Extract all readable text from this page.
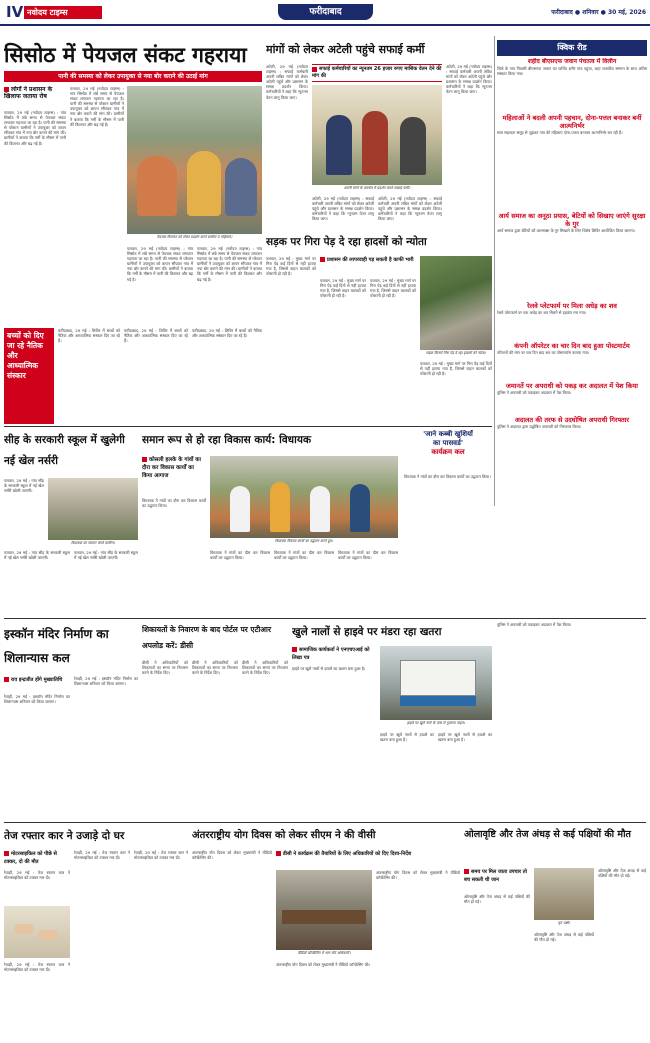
IV नवोदय टाइम्स	फरीदाबाद	फरीदाबाद ● शनिवार ● 30 मई, 2026
सिसोठ में पेयजल संकट गहराया
पानी की समस्या को लेकर उपायुक्त से नया बोर कराने की उठाई मांग
लोगों ने प्रशासन के खिलाफ जताया रोष
पलवल, 29 मई (नवोदय टाइम्स) : गांव सिसोठ में लंबे समय से पेयजल संकट लगातार गहराता जा रहा है। पानी की समस्या से परेशान ग्रामीणों ने उपायुक्त को ज्ञापन सौंपकर गांव में नया बोर कराने की मांग की। ग्रामीणों ने बताया कि गर्मी के मौसम में पानी की किल्लत और बढ़ गई है।
पलवल, 29 मई (नवोदय टाइम्स) : गांव सिसोठ में लंबे समय से पेयजल संकट लगातार गहराता जा रहा है। पानी की समस्या से परेशान ग्रामीणों ने उपायुक्त को ज्ञापन सौंपकर गांव में नया बोर कराने की मांग की। ग्रामीणों ने बताया कि गर्मी के मौसम में पानी की किल्लत और बढ़ गई है।
पेयजल किल्लत को लेकर प्रदर्शन करते ग्रामीण व महिलाएं।
पलवल, 29 मई (नवोदय टाइम्स) : गांव सिसोठ में लंबे समय से पेयजल संकट लगातार गहराता जा रहा है। पानी की समस्या से परेशान ग्रामीणों ने उपायुक्त को ज्ञापन सौंपकर गांव में नया बोर कराने की मांग की। ग्रामीणों ने बताया कि गर्मी के मौसम में पानी की किल्लत और बढ़ गई है।
पलवल, 29 मई (नवोदय टाइम्स) : गांव सिसोठ में लंबे समय से पेयजल संकट लगातार गहराता जा रहा है। पानी की समस्या से परेशान ग्रामीणों ने उपायुक्त को ज्ञापन सौंपकर गांव में नया बोर कराने की मांग की। ग्रामीणों ने बताया कि गर्मी के मौसम में पानी की किल्लत और बढ़ गई है।
बच्चों को दिए जा रहे नैतिक और आध्यात्मिक संस्कार
फरीदाबाद, 29 मई : शिविर में बच्चों को नैतिक और आध्यात्मिक संस्कार दिए जा रहे हैं।
फरीदाबाद, 29 मई : शिविर में बच्चों को नैतिक और आध्यात्मिक संस्कार दिए जा रहे हैं।
फरीदाबाद, 29 मई : शिविर में बच्चों को नैतिक और आध्यात्मिक संस्कार दिए जा रहे हैं।
मांगों को लेकर अटेली पहुंचे सफाई कर्मी
अटेली, 29 मई (नवोदय टाइम्स) : सफाई कर्मचारी अपनी लंबित मांगों को लेकर अटेली पहुंचे और प्रशासन के समक्ष प्रदर्शन किया। कर्मचारियों ने कहा कि न्यूनतम वेतन लागू किया जाए।
सफाई कर्मचारियों का न्यूनतम 26 हजार रुपए मासिक वेतन देने की मांग की
अपनी मांगों के समर्थन में प्रदर्शन करते सफाई कर्मी।
अटेली, 29 मई (नवोदय टाइम्स) : सफाई कर्मचारी अपनी लंबित मांगों को लेकर अटेली पहुंचे और प्रशासन के समक्ष प्रदर्शन किया। कर्मचारियों ने कहा कि न्यूनतम वेतन लागू किया जाए।
अटेली, 29 मई (नवोदय टाइम्स) : सफाई कर्मचारी अपनी लंबित मांगों को लेकर अटेली पहुंचे और प्रशासन के समक्ष प्रदर्शन किया। कर्मचारियों ने कहा कि न्यूनतम वेतन लागू किया जाए।
अटेली, 29 मई (नवोदय टाइम्स) : सफाई कर्मचारी अपनी लंबित मांगों को लेकर अटेली पहुंचे और प्रशासन के समक्ष प्रदर्शन किया। कर्मचारियों ने कहा कि न्यूनतम वेतन लागू किया जाए।
सड़क पर गिरा पेड़ दे रहा हादसों को न्योता
पलवल, 29 मई : मुख्य मार्ग पर गिरा पेड़ कई दिनों से नहीं हटाया गया है, जिससे वाहन चालकों को परेशानी हो रही है।
प्रशासन की लापरवाही पड़ सकती है काफी भारी
सड़क किनारे गिरा पेड़ दे रहा हादसों को न्योता।
पलवल, 29 मई : मुख्य मार्ग पर गिरा पेड़ कई दिनों से नहीं हटाया गया है, जिससे वाहन चालकों को परेशानी हो रही है।
पलवल, 29 मई : मुख्य मार्ग पर गिरा पेड़ कई दिनों से नहीं हटाया गया है, जिससे वाहन चालकों को परेशानी हो रही है।
पलवल, 29 मई : मुख्य मार्ग पर गिरा पेड़ कई दिनों से नहीं हटाया गया है, जिससे वाहन चालकों को परेशानी हो रही है।
क्विक रीड
शहीद बीएसएफ जवान पंचतत्व में विलीन
जिले के गांव निवासी बीएसएफ जवान का पार्थिव शरीर गांव पहुंचा, जहां राजकीय सम्मान के साथ अंतिम संस्कार किया गया।
महिलाओं ने बदली अपनी पहचान, दोना-पत्तल बनाकर बनीं आत्मनिर्भर
स्वयं सहायता समूह से जुड़कर गांव की महिलाएं दोना-पत्तल बनाकर आत्मनिर्भर बन रही हैं।
आर्य समाज का अनूठा प्रयास, बेटियों को सिखाए जाएंगे सुरक्षा के गुर
आर्य समाज द्वारा बेटियों को आत्मरक्षा के गुर सिखाने के लिए विशेष शिविर आयोजित किया जाएगा।
रेलवे प्लेटफार्म पर मिला अधेड़ का शव
रेलवे प्लेटफार्म पर एक अधेड़ का शव मिलने से हड़कंप मच गया।
कंपनी ऑपरेटर का चार दिन बाद हुआ पोस्टमार्टम
परिजनों की मांग पर चार दिन बाद शव का पोस्टमार्टम कराया गया।
जमानतें पर अपराधी को पकड़ कर अदालत में पेश किया
पुलिस ने अपराधी को पकड़कर अदालत में पेश किया।
अदालत की तरफ से उदघोषित अपराधी गिरफ्तार
पुलिस ने अदालत द्वारा उद्घोषित अपराधी को गिरफ्तार किया।
सीह के सरकारी स्कूल में खुलेगी नई खेल नर्सरी
पलवल, 29 मई : गांव सीह के सरकारी स्कूल में नई खेल नर्सरी खोली जाएगी।
विधायक का स्वागत करते ग्रामीण।
पलवल, 29 मई : गांव सीह के सरकारी स्कूल में नई खेल नर्सरी खोली जाएगी।
पलवल, 29 मई : गांव सीह के सरकारी स्कूल में नई खेल नर्सरी खोली जाएगी।
समान रूप से हो रहा विकास कार्य: विधायक
कोसली हलके के गांवों का दौरा कर विकास कार्यों का किया आगाज
विधायक ने गांवों का दौरा कर विकास कार्यों का उद्घाटन किया।
विधायक विकास कार्यों का उद्घाटन करते हुए।
विधायक ने गांवों का दौरा कर विकास कार्यों का उद्घाटन किया।
विधायक ने गांवों का दौरा कर विकास कार्यों का उद्घाटन किया।
विधायक ने गांवों का दौरा कर विकास कार्यों का उद्घाटन किया।
'जाने कब्बी खुशियों
का पासवर्ड'
कार्यक्रम कल
विधायक ने गांवों का दौरा कर विकास कार्यों का उद्घाटन किया।
इस्कॉन मंदिर निर्माण का शिलान्यास कल
राव इन्द्रजीत होंगे मुख्यातिथि
रेवाड़ी, 29 मई : इस्कॉन मंदिर निर्माण का शिलान्यास शनिवार को किया जाएगा।
रेवाड़ी, 29 मई : इस्कॉन मंदिर निर्माण का शिलान्यास शनिवार को किया जाएगा।
शिकायतों के निवारण के बाद पोर्टल पर एटीआर अपलोड करें: डीसी
डीसी ने अधिकारियों को शिकायतों का समय पर निवारण करने के निर्देश दिए।
डीसी ने अधिकारियों को शिकायतों का समय पर निवारण करने के निर्देश दिए।
डीसी ने अधिकारियों को शिकायतों का समय पर निवारण करने के निर्देश दिए।
खुले नालों से हाइवे पर मंडरा रहा खतरा
सामाजिक कार्यकर्ता ने एनएचएआई को लिखा पत्र
हाइवे पर खुले नालों से हादसे का खतरा बना हुआ है।
हाइवे पर खुले नाले के पास से गुजरता वाहन।
हाइवे पर खुले नालों से हादसे का खतरा बना हुआ है।
हाइवे पर खुले नालों से हादसे का खतरा बना हुआ है।
तेज रफ्तार कार ने उजाड़े दो घर
मोटरसाइकिल को पीछे से टक्कर, दो की मौत
रेवाड़ी, 29 मई : तेज रफ्तार कार ने मोटरसाइकिल को टक्कर मार दी।
रेवाड़ी, 29 मई : तेज रफ्तार कार ने मोटरसाइकिल को टक्कर मार दी।
रेवाड़ी, 29 मई : तेज रफ्तार कार ने मोटरसाइकिल को टक्कर मार दी।
रेवाड़ी, 29 मई : तेज रफ्तार कार ने मोटरसाइकिल को टक्कर मार दी।
अंतरराष्ट्रीय योग दिवस को लेकर सीएम ने की वीसी
डीसी ने कार्यक्रम की तैयारियों के लिए अधिकारियों को दिए दिशा-निर्देश
अंतरराष्ट्रीय योग दिवस को लेकर मुख्यमंत्री ने वीडियो कॉन्फ्रेंसिंग की।
वीडियो कॉन्फ्रेंसिंग में भाग लेते अधिकारी।
अंतरराष्ट्रीय योग दिवस को लेकर मुख्यमंत्री ने वीडियो कॉन्फ्रेंसिंग की।
अंतरराष्ट्रीय योग दिवस को लेकर मुख्यमंत्री ने वीडियो कॉन्फ्रेंसिंग की।
ओलावृष्टि और तेज अंधड़ से कई पक्षियों की मौत
समय पर मिल जाता उपचार तो बच सकती थी जान
ओलावृष्टि और तेज अंधड़ से कई पक्षियों की मौत हो गई।
मृत पक्षी।
ओलावृष्टि और तेज अंधड़ से कई पक्षियों की मौत हो गई।
ओलावृष्टि और तेज अंधड़ से कई पक्षियों की मौत हो गई।
पुलिस ने अपराधी को पकड़कर अदालत में पेश किया।
